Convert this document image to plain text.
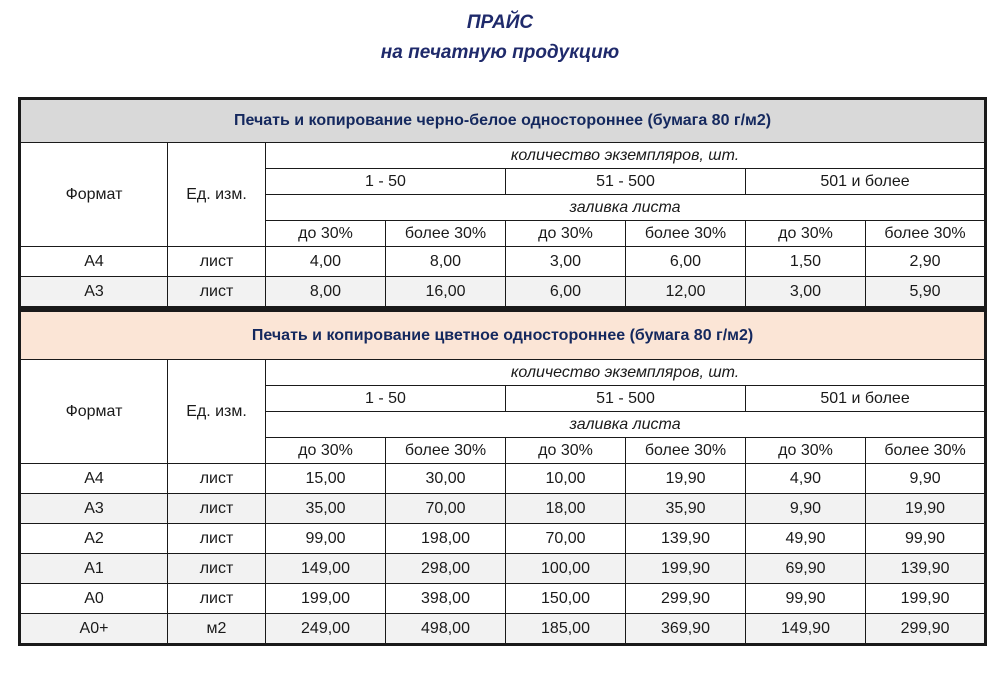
ПРАЙС
на печатную продукцию
Печать и копирование черно-белое одностороннее (бумага 80 г/м2)							
Формат	Ед. изм.	количество экземпляров, шт.					
		1 - 50		51 - 500		501 и более	
		заливка листа					
		до 30%	более 30%	до 30%	более 30%	до 30%	более 30%
А4	лист	4,00	8,00	3,00	6,00	1,50	2,90
А3	лист	8,00	16,00	6,00	12,00	3,00	5,90
Печать и копирование цветное одностороннее (бумага 80 г/м2)							
Формат	Ед. изм.	количество экземпляров, шт.					
		1 - 50		51 - 500		501 и более	
		заливка листа					
		до 30%	более 30%	до 30%	более 30%	до 30%	более 30%
А4	лист	15,00	30,00	10,00	19,90	4,90	9,90
А3	лист	35,00	70,00	18,00	35,90	9,90	19,90
А2	лист	99,00	198,00	70,00	139,90	49,90	99,90
А1	лист	149,00	298,00	100,00	199,90	69,90	139,90
А0	лист	199,00	398,00	150,00	299,90	99,90	199,90
А0+	м2	249,00	498,00	185,00	369,90	149,90	299,90
